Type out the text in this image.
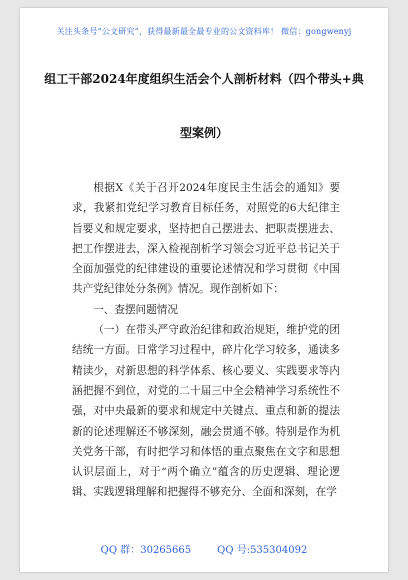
关注头条号“公文研究”，获得最新最全最专业的公文资料库！ 微信：gongwenyj
组工干部2024年度组织生活会个人剖析材料（四个带头+典
型案例）

根据X《关于召开2024年度民主生活会的通知》要求，我紧扣党纪学习教育目标任务，对照党的6大纪律主旨要义和规定要求，坚持把自己摆进去、把职责摆进去、把工作摆进去，深入检视剖析学习领会习近平总书记关于全面加强党的纪律建设的重要论述情况和学习贯彻《中国共产党纪律处分条例》情况。现作剖析如下：

一、查摆问题情况

（一）在带头严守政治纪律和政治规矩，维护党的团结统一方面。日常学习过程中，碎片化学习较多，通读多精读少，对新思想的科学体系、核心要义、实践要求等内涵把握不到位，对党的二十届三中全会精神学习系统性不强，对中央最新的要求和规定中关键点、重点和新的提法新的论述理解还不够深刻，融会贯通不够。特别是作为机关党务干部，有时把学习和体悟的重点聚焦在文字和思想认识层面上，对于“两个确立”蕴含的历史逻辑、理论逻辑、实践逻辑理解和把握得不够充分、全面和深刻，在学

QQ 群：30265665	QQ 号:535304092
